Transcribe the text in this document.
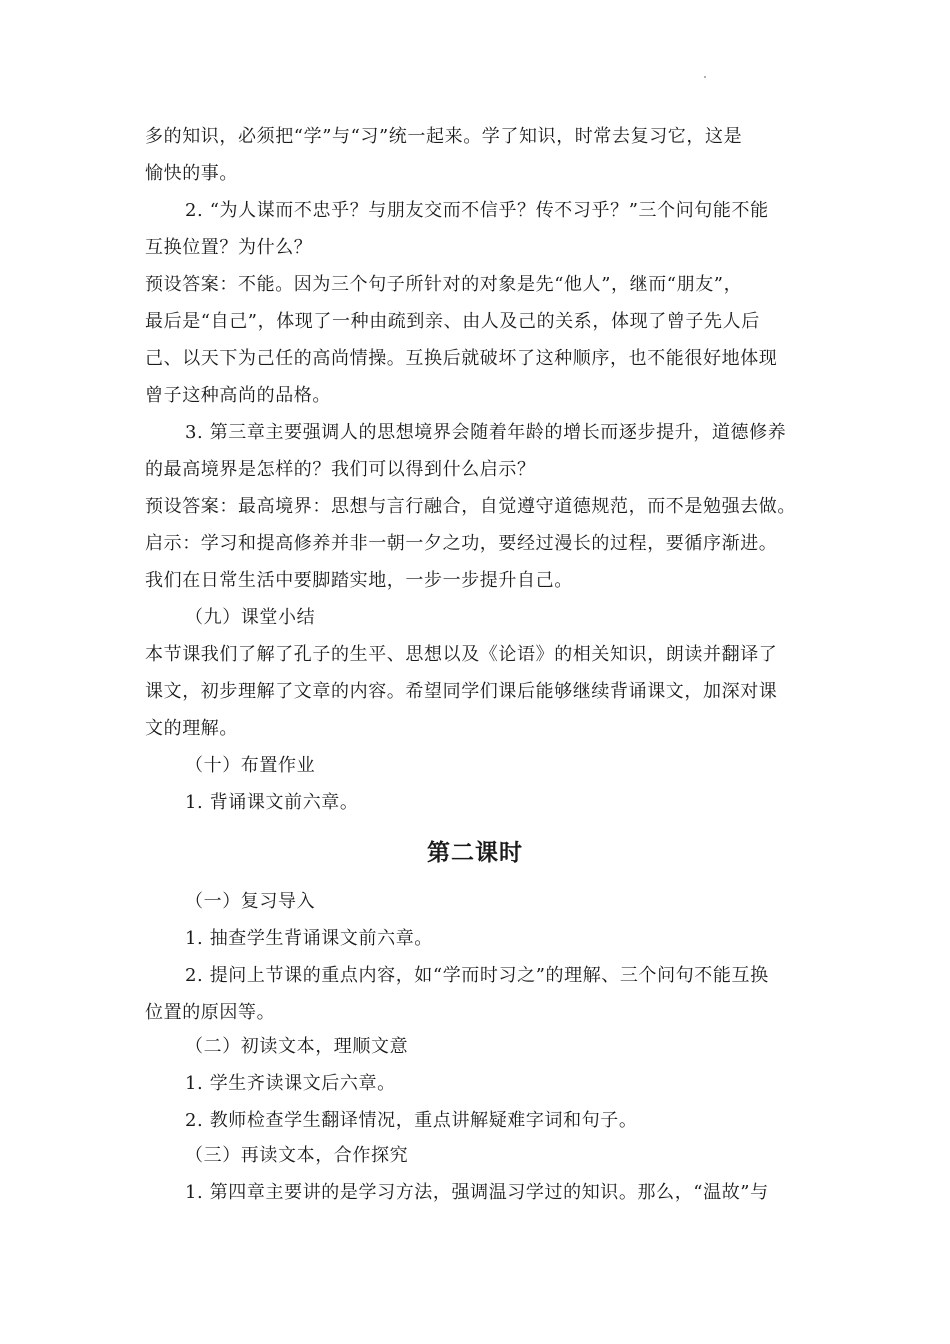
多的知识，必须把“学”与“习”统一起来。学了知识，时常去复习它，这是
愉快的事。
2. “为人谋而不忠乎？与朋友交而不信乎？传不习乎？”三个问句能不能
互换位置？为什么？
预设答案：不能。因为三个句子所针对的对象是先“他人”，继而“朋友”，
最后是“自己”，体现了一种由疏到亲、由人及己的关系，体现了曾子先人后
己、以天下为己任的高尚情操。互换后就破坏了这种顺序，也不能很好地体现
曾子这种高尚的品格。
3. 第三章主要强调人的思想境界会随着年龄的增长而逐步提升，道德修养
的最高境界是怎样的？我们可以得到什么启示？
预设答案：最高境界：思想与言行融合，自觉遵守道德规范，而不是勉强去做。
启示：学习和提高修养并非一朝一夕之功，要经过漫长的过程，要循序渐进。
我们在日常生活中要脚踏实地，一步一步提升自己。
（九）课堂小结
本节课我们了解了孔子的生平、思想以及《论语》的相关知识，朗读并翻译了
课文，初步理解了文章的内容。希望同学们课后能够继续背诵课文，加深对课
文的理解。
（十）布置作业
1. 背诵课文前六章。
第二课时
（一）复习导入
1. 抽查学生背诵课文前六章。
2. 提问上节课的重点内容，如“学而时习之”的理解、三个问句不能互换
位置的原因等。
（二）初读文本，理顺文意
1. 学生齐读课文后六章。
2. 教师检查学生翻译情况，重点讲解疑难字词和句子。
（三）再读文本，合作探究
1. 第四章主要讲的是学习方法，强调温习学过的知识。那么，“温故”与
